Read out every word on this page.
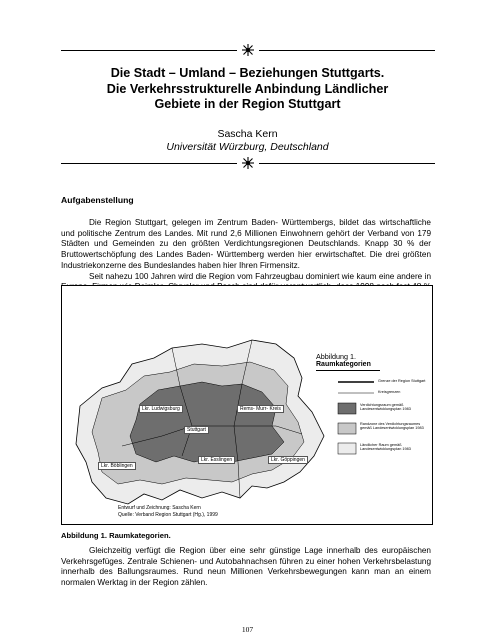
Die Stadt – Umland – Beziehungen Stuttgarts.
Die Verkehrsstrukturelle Anbindung Ländlicher
Gebiete in der Region Stuttgart
Sascha Kern
Universität Würzburg, Deutschland
Aufgabenstellung

Die Region Stuttgart, gelegen im Zentrum Baden- Württembergs, bildet das wirtschaftliche und politische Zentrum des Landes. Mit rund 2,6 Millionen Einwohnern gehört der Verband von 179 Städten und Gemeinden zu den größten Verdichtungsregionen Deutschlands. Knapp 30 % der Bruttowertschöpfung des Landes Baden- Württemberg werden hier erwirtschaftet. Die drei größten Industriekonzerne des Bundeslandes haben hier Ihren Firmensitz.

Seit nahezu 100 Jahren wird die Region vom Fahrzeugbau dominiert wie kaum eine andere in

Abbildung 1.
Raumkategorien
Grenze der Region Stuttgart
Kreisgrenzen
Verdichtungsraum gemäß Landesentwicklungsplan 1983
Randzone des Verdichtungsraumes gemäß Landesentwicklungsplan 1983
Ländlicher Raum gemäß Landesentwicklungsplan 1983
Lkr. Ludwigsburg	Rems- Murr- Kreis
Stuttgart
Lkr. Böblingen
Lkr. Esslingen	Lkr. Göppingen
Entwurf und Zeichnung: Sascha Kern
Quelle: Verband Region Stuttgart (Hg.), 1999
Abbildung 1. Raumkategorien.

Gleichzeitig verfügt die Region über eine sehr günstige Lage innerhalb des europäischen Verkehrsgefüges. Zentrale Schienen- und Autobahnachsen führen zu einer hohen Verkehrsbelastung innerhalb des Ballungsraumes. Rund neun Millionen Verkehrsbewegungen kann man an einem normalen Werktag in der Region zählen.

107
